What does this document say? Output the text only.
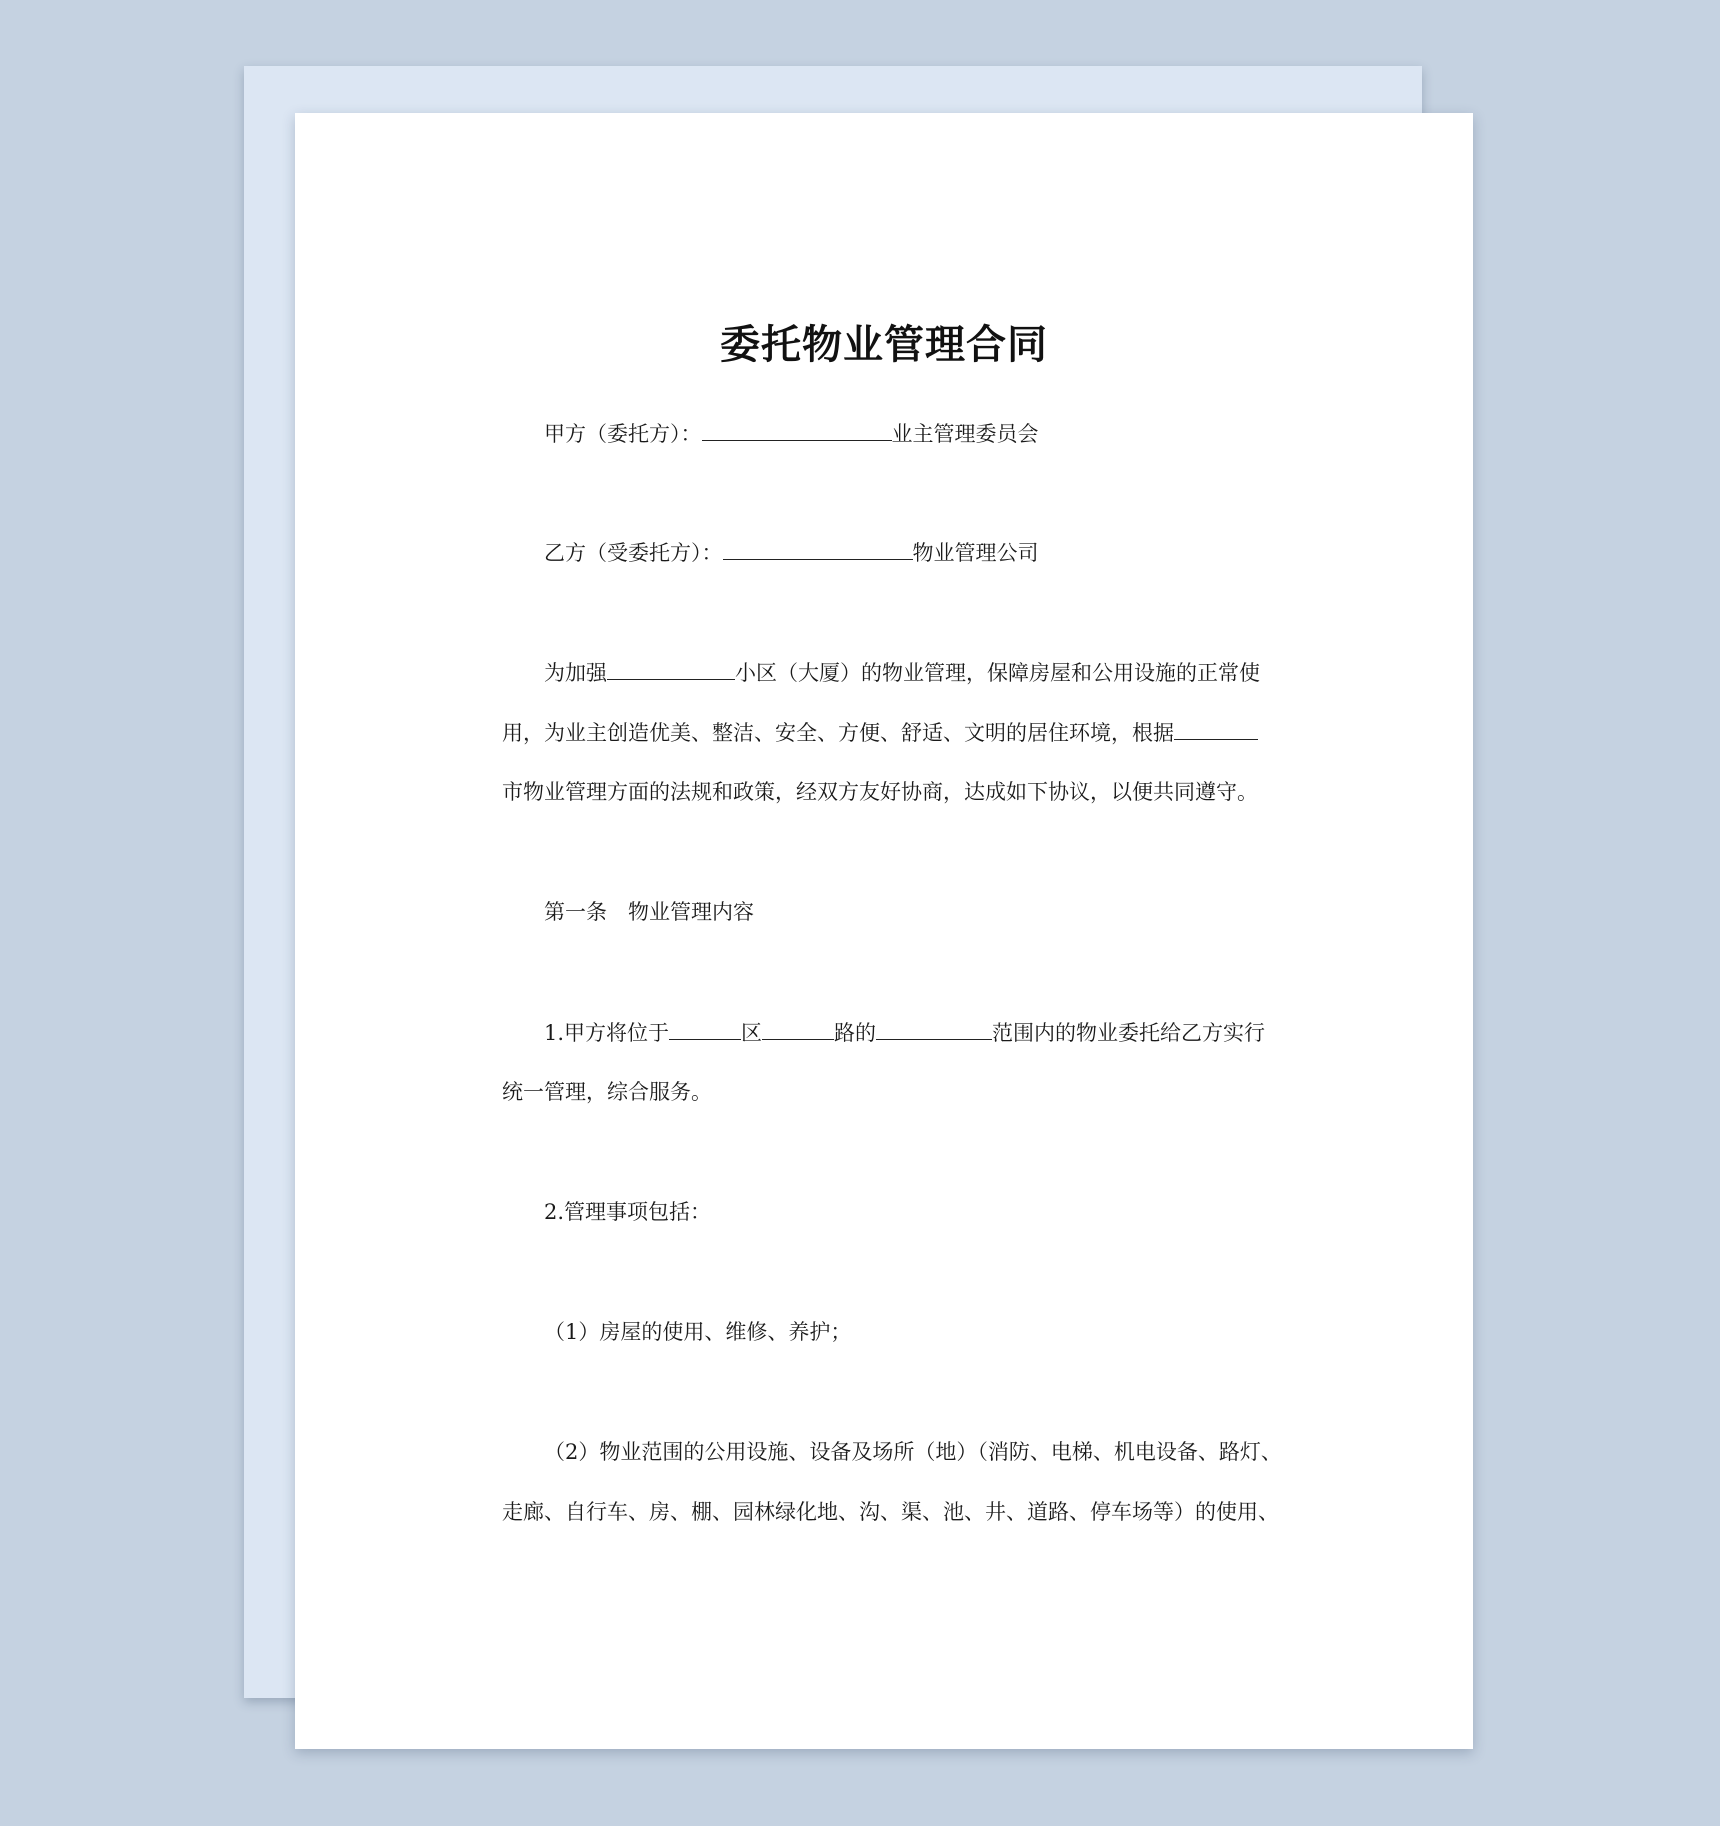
委托物业管理合同
甲方（委托方）：	业主管理委员会
乙方（受委托方）：	物业管理公司
为加强	小区（大厦）的物业管理，保障房屋和公用设施的正常使
用，为业主创造优美、整洁、安全、方便、舒适、文明的居住环境，根据
市物业管理方面的法规和政策，经双方友好协商，达成如下协议，以便共同遵守。
第一条　物业管理内容
1.甲方将位于	区	路的	范围内的物业委托给乙方实行
统一管理，综合服务。
2.管理事项包括：
（1）房屋的使用、维修、养护；
（2）物业范围的公用设施、设备及场所（地）（消防、电梯、机电设备、路灯、
走廊、自行车、房、棚、园林绿化地、沟、渠、池、井、道路、停车场等）的使用、
